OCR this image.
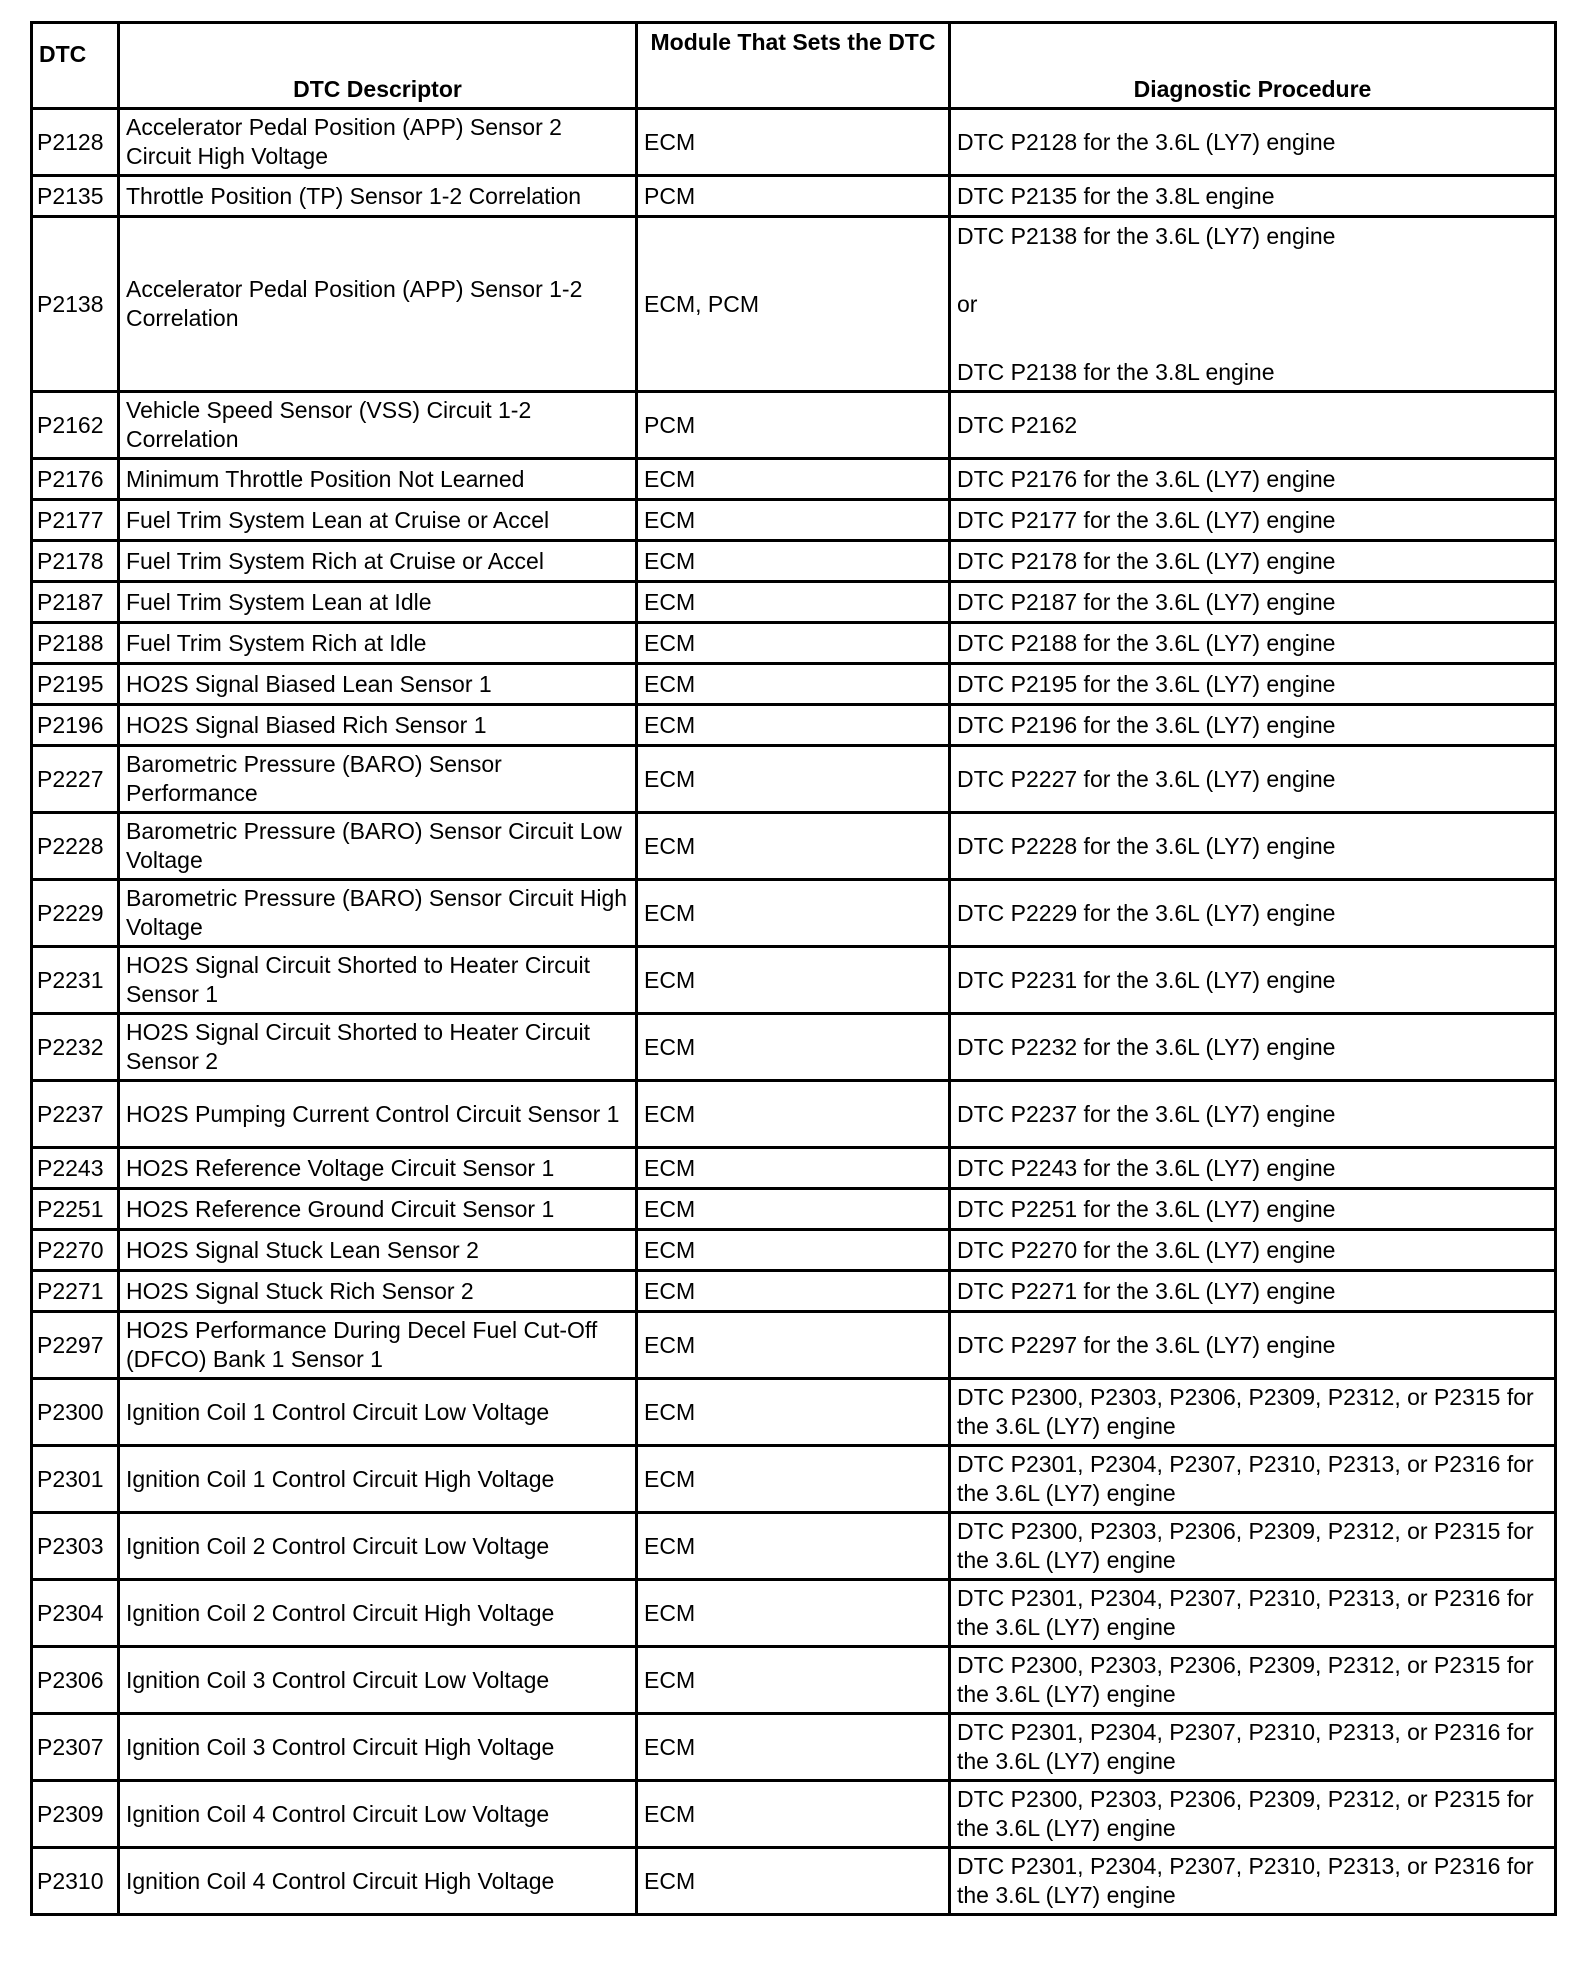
DTC	DTC Descriptor	Module That Sets the DTC	Diagnostic Procedure
P2128	Accelerator Pedal Position (APP) Sensor 2 Circuit High Voltage	ECM	DTC P2128 for the 3.6L (LY7) engine
P2135	Throttle Position (TP) Sensor 1-2 Correlation	PCM	DTC P2135 for the 3.8L engine
P2138	Accelerator Pedal Position (APP) Sensor 1-2 Correlation	ECM, PCM	DTC P2138 for the 3.6L (LY7) engine
or
DTC P2138 for the 3.8L engine

P2162	Vehicle Speed Sensor (VSS) Circuit 1-2 Correlation	PCM	DTC P2162
P2176	Minimum Throttle Position Not Learned	ECM	DTC P2176 for the 3.6L (LY7) engine
P2177	Fuel Trim System Lean at Cruise or Accel	ECM	DTC P2177 for the 3.6L (LY7) engine
P2178	Fuel Trim System Rich at Cruise or Accel	ECM	DTC P2178 for the 3.6L (LY7) engine
P2187	Fuel Trim System Lean at Idle	ECM	DTC P2187 for the 3.6L (LY7) engine
P2188	Fuel Trim System Rich at Idle	ECM	DTC P2188 for the 3.6L (LY7) engine
P2195	HO2S Signal Biased Lean Sensor 1	ECM	DTC P2195 for the 3.6L (LY7) engine
P2196	HO2S Signal Biased Rich Sensor 1	ECM	DTC P2196 for the 3.6L (LY7) engine
P2227	Barometric Pressure (BARO) Sensor Performance	ECM	DTC P2227 for the 3.6L (LY7) engine
P2228	Barometric Pressure (BARO) Sensor Circuit Low Voltage	ECM	DTC P2228 for the 3.6L (LY7) engine
P2229	Barometric Pressure (BARO) Sensor Circuit High Voltage	ECM	DTC P2229 for the 3.6L (LY7) engine
P2231	HO2S Signal Circuit Shorted to Heater Circuit Sensor 1	ECM	DTC P2231 for the 3.6L (LY7) engine
P2232	HO2S Signal Circuit Shorted to Heater Circuit Sensor 2	ECM	DTC P2232 for the 3.6L (LY7) engine
P2237	HO2S Pumping Current Control Circuit Sensor 1	ECM	DTC P2237 for the 3.6L (LY7) engine
P2243	HO2S Reference Voltage Circuit Sensor 1	ECM	DTC P2243 for the 3.6L (LY7) engine
P2251	HO2S Reference Ground Circuit Sensor 1	ECM	DTC P2251 for the 3.6L (LY7) engine
P2270	HO2S Signal Stuck Lean Sensor 2	ECM	DTC P2270 for the 3.6L (LY7) engine
P2271	HO2S Signal Stuck Rich Sensor 2	ECM	DTC P2271 for the 3.6L (LY7) engine
P2297	HO2S Performance During Decel Fuel Cut-Off (DFCO) Bank 1 Sensor 1	ECM	DTC P2297 for the 3.6L (LY7) engine
P2300	Ignition Coil 1 Control Circuit Low Voltage	ECM	DTC P2300, P2303, P2306, P2309, P2312, or P2315 for the 3.6L (LY7) engine
P2301	Ignition Coil 1 Control Circuit High Voltage	ECM	DTC P2301, P2304, P2307, P2310, P2313, or P2316 for the 3.6L (LY7) engine
P2303	Ignition Coil 2 Control Circuit Low Voltage	ECM	DTC P2300, P2303, P2306, P2309, P2312, or P2315 for the 3.6L (LY7) engine
P2304	Ignition Coil 2 Control Circuit High Voltage	ECM	DTC P2301, P2304, P2307, P2310, P2313, or P2316 for the 3.6L (LY7) engine
P2306	Ignition Coil 3 Control Circuit Low Voltage	ECM	DTC P2300, P2303, P2306, P2309, P2312, or P2315 for the 3.6L (LY7) engine
P2307	Ignition Coil 3 Control Circuit High Voltage	ECM	DTC P2301, P2304, P2307, P2310, P2313, or P2316 for the 3.6L (LY7) engine
P2309	Ignition Coil 4 Control Circuit Low Voltage	ECM	DTC P2300, P2303, P2306, P2309, P2312, or P2315 for the 3.6L (LY7) engine
P2310	Ignition Coil 4 Control Circuit High Voltage	ECM	DTC P2301, P2304, P2307, P2310, P2313, or P2316 for the 3.6L (LY7) engine
